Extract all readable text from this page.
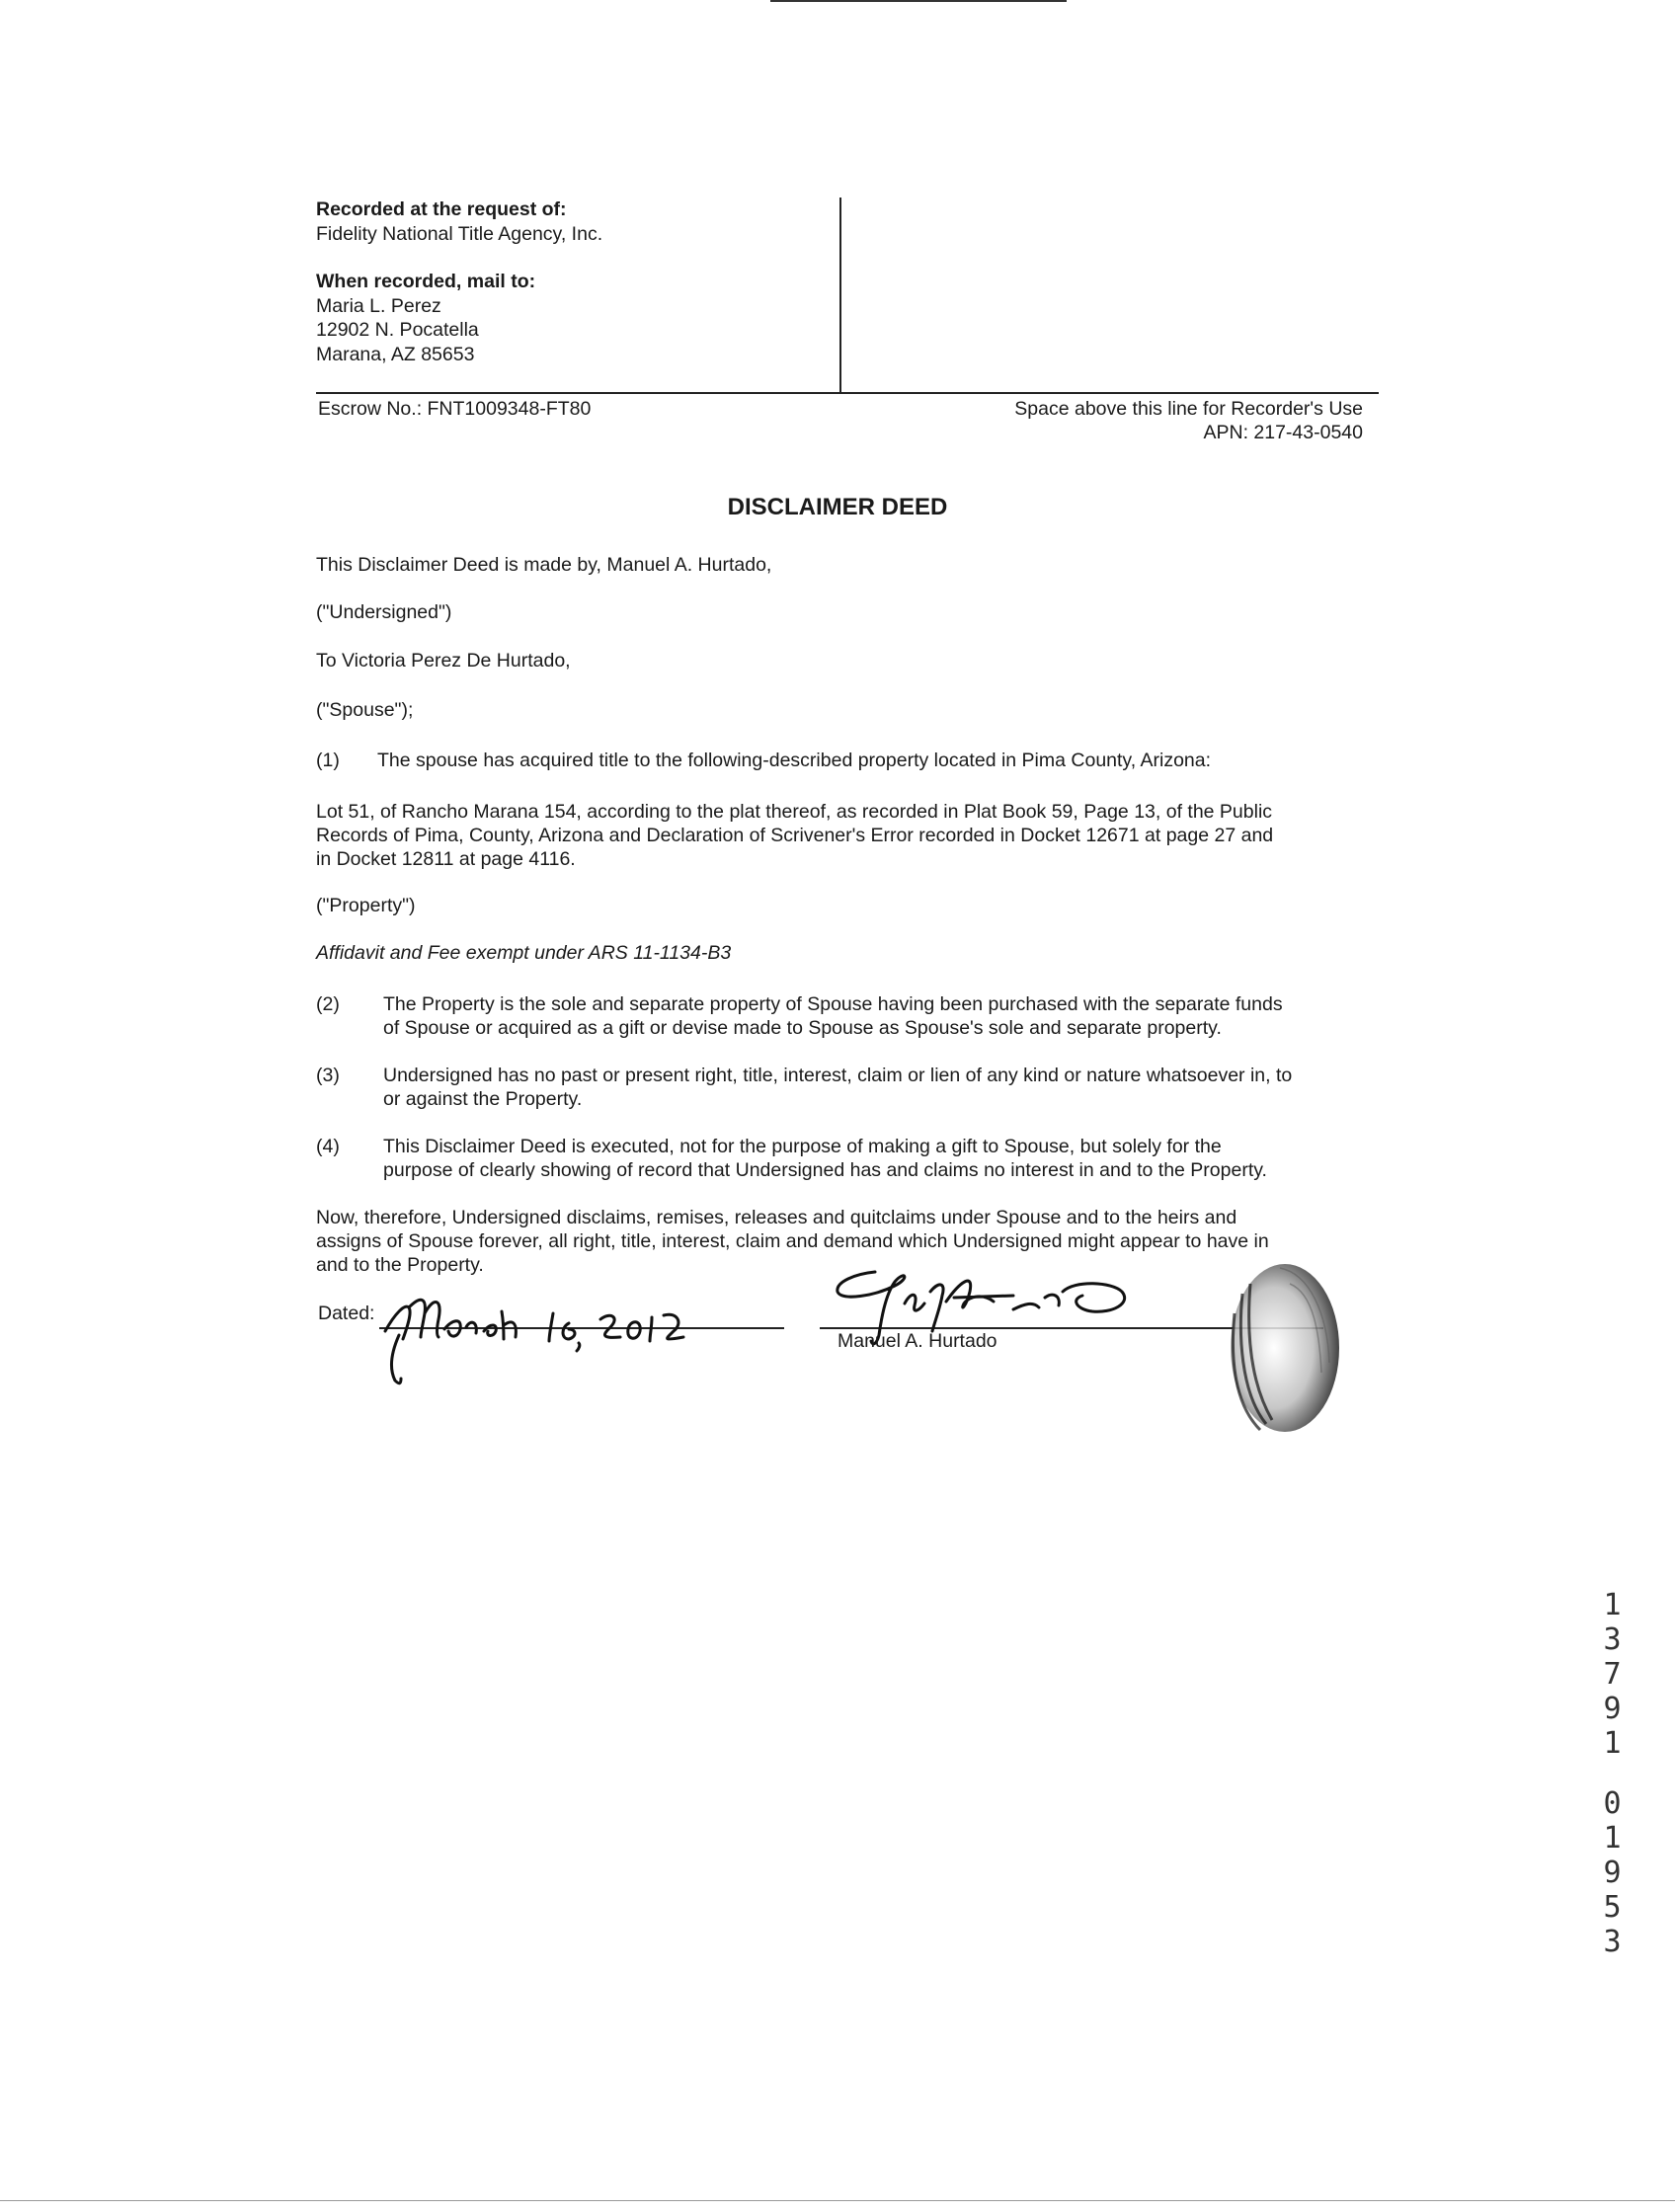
Recorded at the request of:
Fidelity National Title Agency, Inc.
When recorded, mail to:
Maria L. Perez
12902 N. Pocatella
Marana, AZ 85653
Escrow No.: FNT1009348-FT80	Space above this line for Recorder's Use
APN: 217-43-0540
DISCLAIMER DEED
This Disclaimer Deed is made by, Manuel A. Hurtado,
("Undersigned")
To Victoria Perez De Hurtado,
("Spouse");
(1) The spouse has acquired title to the following-described property located in Pima County, Arizona:
Lot 51, of Rancho Marana 154, according to the plat thereof, as recorded in Plat Book 59, Page 13, of the Public
Records of Pima, County, Arizona and Declaration of Scrivener's Error recorded in Docket 12671 at page 27 and
in Docket 12811 at page 4116.
("Property")
Affidavit and Fee exempt under ARS 11-1134-B3
(2) The Property is the sole and separate property of Spouse having been purchased with the separate funds
of Spouse or acquired as a gift or devise made to Spouse as Spouse's sole and separate property.
(3) Undersigned has no past or present right, title, interest, claim or lien of any kind or nature whatsoever in, to
or against the Property.
(4) This Disclaimer Deed is executed, not for the purpose of making a gift to Spouse, but solely for the
purpose of clearly showing of record that Undersigned has and claims no interest in and to the Property.
Now, therefore, Undersigned disclaims, remises, releases and quitclaims under Spouse and to the heirs and
assigns of Spouse forever, all right, title, interest, claim and demand which Undersigned might appear to have in
and to the Property.
Dated:
Manuel A. Hurtado
13791
01953
